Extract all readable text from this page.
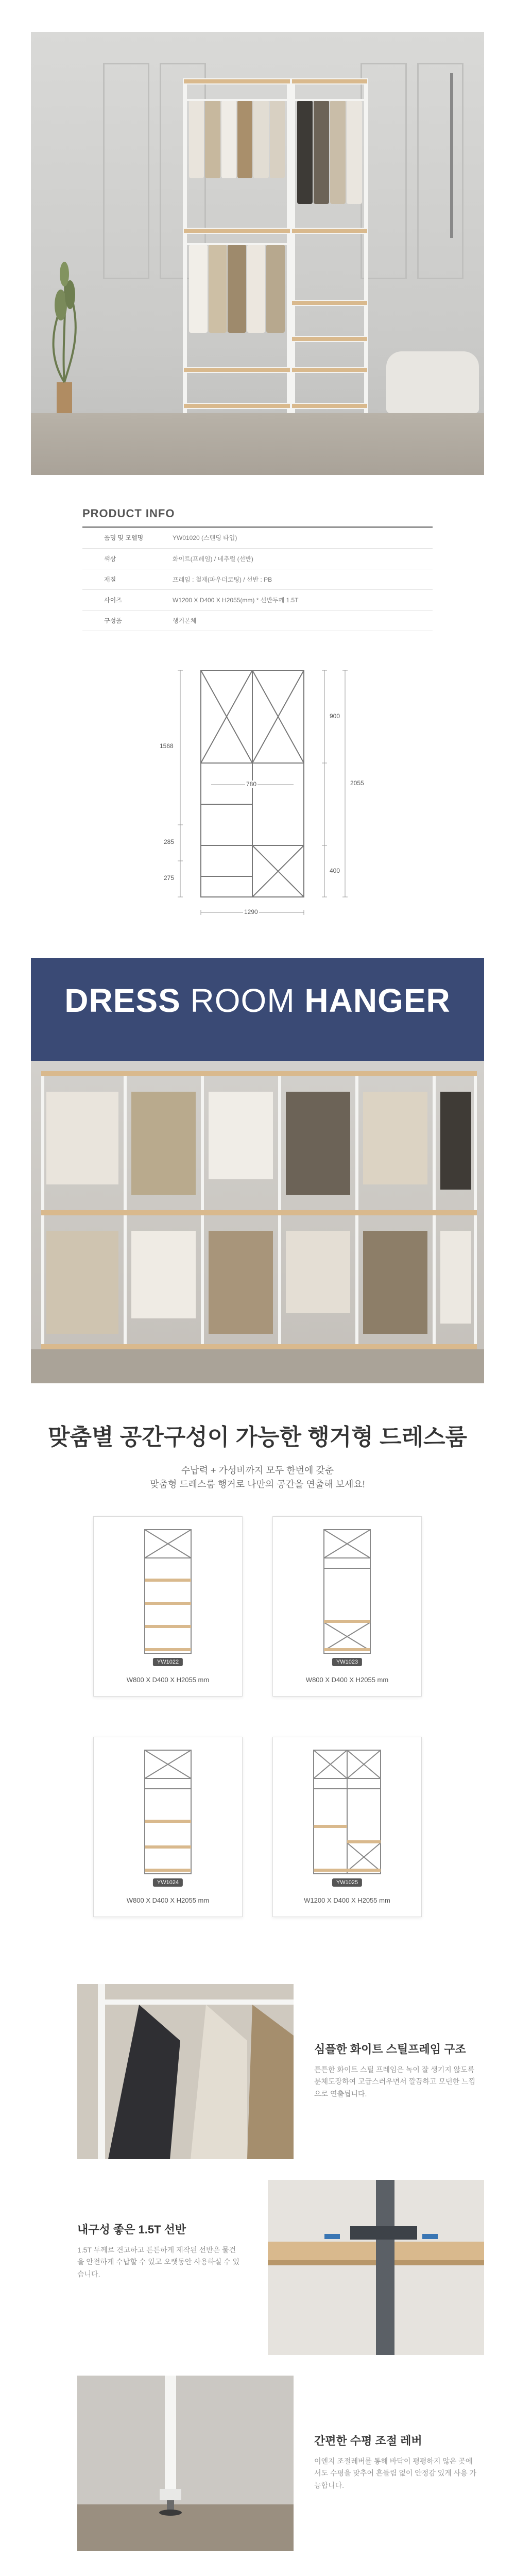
PRODUCT INFO
품명 및 모델명	YW01020 (스탠딩 타입)
색상	화이트(프레임) / 네추럴 (선반)
재질	프레임 : 철재(파우더코팅) / 선반 : PB
사이즈	W1200 X D400 X H2055(mm) * 선반두께 1.5T
구성품	행거본체
1568
285
275
780
900
2055
400
1290
DRESS ROOM HANGER
맞춤별 공간구성이 가능한 행거형 드레스룸
수납력 + 가성비까지 모두 한번에 갖춘
맞춤형 드레스룸 행거로 나만의 공간을 연출해 보세요!
YW1022
W800 X D400 X H2055 mm
YW1023
W800 X D400 X H2055 mm
YW1024
W800 X D400 X H2055 mm
YW1025
W1200 X D400 X H2055 mm
심플한 화이트 스틸프레임 구조
튼튼한 화이트 스틸 프레임은 녹이 잘 생기지 않도록 분체도장하여 고급스러우면서 깔끔하고 모던한 느낌으로 연출됩니다.
내구성 좋은 1.5T 선반
1.5T 두께로 견고하고 튼튼하게 제작된 선반은 물건을 안전하게 수납할 수 있고 오랫동안 사용하실 수 있습니다.
간편한 수평 조절 레버
이엔지 조절레버를 통해 바닥이 평평하지 않은 곳에서도 수평을 맞추어 흔들림 없이 안정감 있게 사용 가능합니다.
